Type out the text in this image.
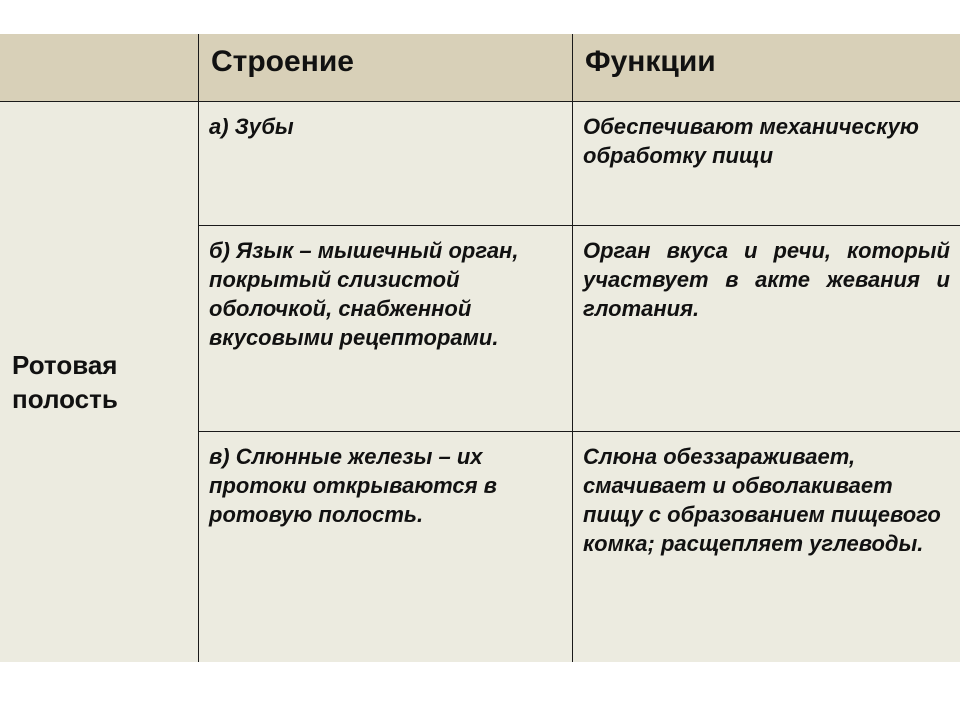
Строение	Функции
Ротовая
полость
а) Зубы	Обеспечивают механическую обработку пищи
б) Язык – мышечный орган, покрытый слизистой оболочкой, снабженной вкусовыми рецепторами.
Орган вкуса и речи, который участвует в акте жевания и глотания.
в) Слюнные железы – их протоки открываются в ротовую полость.
Слюна обеззараживает, смачивает и обволакивает пищу с образованием пищевого комка; расщепляет углеводы.
